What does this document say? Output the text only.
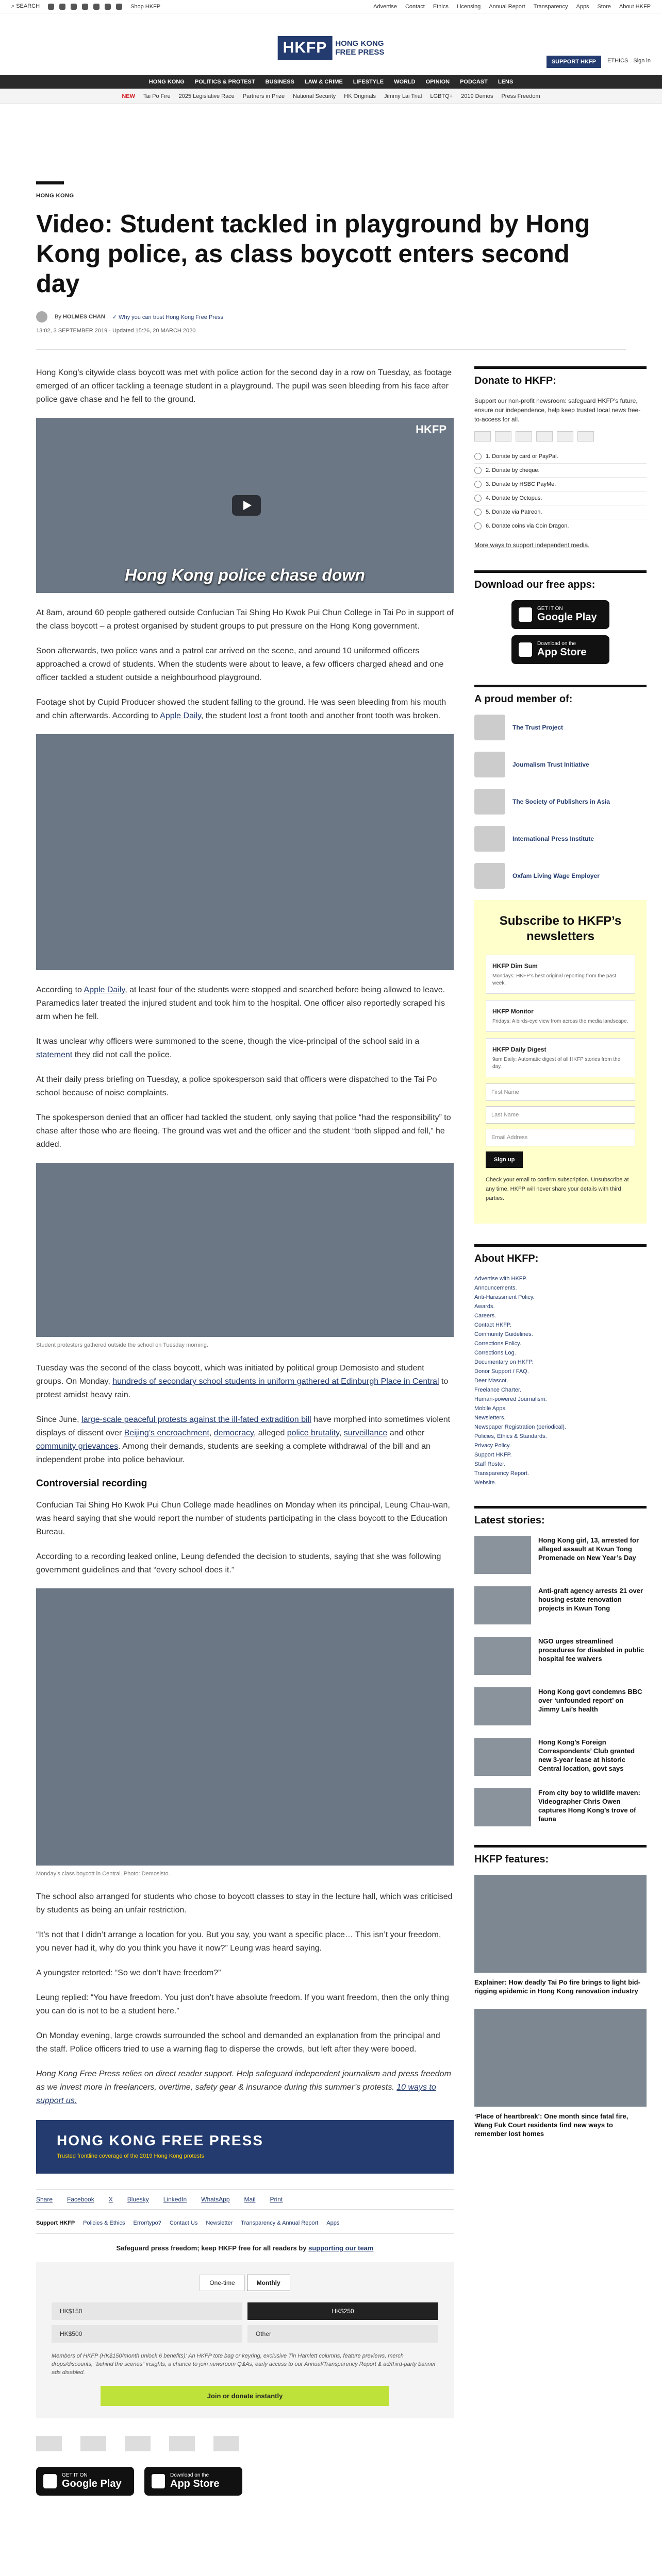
⌕ SEARCH	Shop HKFP	Advertise Contact Ethics Licensing Annual Report Transparency Apps Store About HKFP
HKFP	HONG KONG
FREE PRESS
SUPPORT HKFP	ETHICS Sign in
HONG KONG POLITICS & PROTEST BUSINESS LAW & CRIME LIFESTYLE WORLD OPINION PODCAST LENS
NEW Tai Po Fire 2025 Legislative Race Partners in Prize National Security HK Originals Jimmy Lai Trial LGBTQ+ 2019 Demos Press Freedom
HONG KONG
Video: Student tackled in playground by Hong Kong police, as class boycott enters second day
By HOLMES CHAN ✓ Why you can trust Hong Kong Free Press
13:02, 3 SEPTEMBER 2019 · Updated 15:26, 20 MARCH 2020

Hong Kong’s citywide class boycott was met with police action for the second day in a row on Tuesday, as footage emerged of an officer tackling a teenage student in a playground. The pupil was seen bleeding from his face after police gave chase and he fell to the ground.

HKFP
Hong Kong police chase down

At 8am, around 60 people gathered outside Confucian Tai Shing Ho Kwok Pui Chun College in Tai Po in support of the class boycott – a protest organised by student groups to put pressure on the Hong Kong government.

Soon afterwards, two police vans and a patrol car arrived on the scene, and around 10 uniformed officers approached a crowd of students. When the students were about to leave, a few officers charged ahead and one officer tackled a student outside a neighbourhood playground.

Footage shot by Cupid Producer showed the student falling to the ground. He was seen bleeding from his mouth and chin afterwards. According to Apple Daily, the student lost a front tooth and another front tooth was broken.

According to Apple Daily, at least four of the students were stopped and searched before being allowed to leave. Paramedics later treated the injured student and took him to the hospital. One officer also reportedly scraped his arm when he fell.

It was unclear why officers were summoned to the scene, though the vice-principal of the school said in a statement they did not call the police.

At their daily press briefing on Tuesday, a police spokesperson said that officers were dispatched to the Tai Po school because of noise complaints.

The spokesperson denied that an officer had tackled the student, only saying that police “had the responsibility” to chase after those who are fleeing. The ground was wet and the officer and the student “both slipped and fell,” he added.

Student protesters gathered outside the school on Tuesday morning.

Tuesday was the second of the class boycott, which was initiated by political group Demosisto and student groups. On Monday, hundreds of secondary school students in uniform gathered at Edinburgh Place in Central to protest amidst heavy rain.

Since June, large-scale peaceful protests against the ill-fated extradition bill have morphed into sometimes violent displays of dissent over Beijing’s encroachment, democracy, alleged police brutality, surveillance and other community grievances. Among their demands, students are seeking a complete withdrawal of the bill and an independent probe into police behaviour.

Controversial recording

Confucian Tai Shing Ho Kwok Pui Chun College made headlines on Monday when its principal, Leung Chau-wan, was heard saying that she would report the number of students participating in the class boycott to the Education Bureau.

According to a recording leaked online, Leung defended the decision to students, saying that she was following government guidelines and that “every school does it.”

Monday’s class boycott in Central. Photo: Demosisto.

The school also arranged for students who chose to boycott classes to stay in the lecture hall, which was criticised by students as being an unfair restriction.

“It’s not that I didn’t arrange a location for you. But you say, you want a specific place… This isn’t your freedom, you never had it, why do you think you have it now?” Leung was heard saying.

A youngster retorted: “So we don’t have freedom?”

Leung replied: “You have freedom. You just don’t have absolute freedom. If you want freedom, then the only thing you can do is not to be a student here.”

On Monday evening, large crowds surrounded the school and demanded an explanation from the principal and the staff. Police officers tried to use a warning flag to disperse the crowds, but left after they were booed.

Hong Kong Free Press relies on direct reader support. Help safeguard independent journalism and press freedom as we invest more in freelancers, overtime, safety gear & insurance during this summer’s protests. 10 ways to support us.

HONG KONG FREE PRESS
Trusted frontline coverage of the 2019 Hong Kong protests
Share Facebook X Bluesky LinkedIn WhatsApp Mail Print
Support HKFP Policies & Ethics Error/typo? Contact Us Newsletter Transparency & Annual Report Apps
Safeguard press freedom; keep HKFP free for all readers by supporting our team
One-time	Monthly
HK$150	HK$250
HK$500	Other
Members of HKFP (HK$150/month unlock 6 benefits): An HKFP tote bag or keyring, exclusive Tin Hamlett columns, feature previews, merch drops/discounts, “behind the scenes” insights, a chance to join newsroom Q&As, early access to our Annual/Transparency Report & ad/third-party banner ads disabled.
Join or donate instantly
GET IT ON
Google Play
Download on the
App Store
Donate to HKFP:
Support our non-profit newsroom: safeguard HKFP’s future, ensure our independence, help keep trusted local news free-to-access for all.
1. Donate by card or PayPal.
2. Donate by cheque.
3. Donate by HSBC PayMe.
4. Donate by Octopus.
5. Donate via Patreon.
6. Donate coins via Coin Dragon.
More ways to support independent media.
Download our free apps:
GET IT ON
Google Play
Download on the
App Store
A proud member of:
The Trust Project
Journalism Trust Initiative
The Society of Publishers in Asia
International Press Institute
Oxfam Living Wage Employer
Subscribe to HKFP’s newsletters
HKFP Dim Sum

Mondays: HKFP’s best original reporting from the past week.

HKFP Monitor

Fridays: A birds-eye view from across the media landscape.

HKFP Daily Digest

9am Daily: Automatic digest of all HKFP stories from the day.

First Name
Last Name
Email Address
Sign up
Check your email to confirm subscription. Unsubscribe at any time. HKFP will never share your details with third parties.
About HKFP:
Advertise with HKFP.
Announcements.
Anti-Harassment Policy.
Awards.
Careers.
Contact HKFP.
Community Guidelines.
Corrections Policy.
Corrections Log.
Documentary on HKFP.
Donor Support / FAQ.
Deer Mascot.
Freelance Charter.
Human-powered Journalism.
Mobile Apps.
Newsletters.
Newspaper Registration (periodical).
Policies, Ethics & Standards.
Privacy Policy.
Support HKFP.
Staff Roster.
Transparency Report.
Website.
Latest stories:
Hong Kong girl, 13, arrested for alleged assault at Kwun Tong Promenade on New Year’s Day
Anti-graft agency arrests 21 over housing estate renovation projects in Kwun Tong
NGO urges streamlined procedures for disabled in public hospital fee waivers
Hong Kong govt condemns BBC over ‘unfounded report’ on Jimmy Lai’s health
Hong Kong’s Foreign Correspondents’ Club granted new 3-year lease at historic Central location, govt says
From city boy to wildlife maven: Videographer Chris Owen captures Hong Kong’s trove of fauna
HKFP features:
Explainer: How deadly Tai Po fire brings to light bid-rigging epidemic in Hong Kong renovation industry
‘Place of heartbreak’: One month since fatal fire, Wang Fuk Court residents find new ways to remember lost homes
